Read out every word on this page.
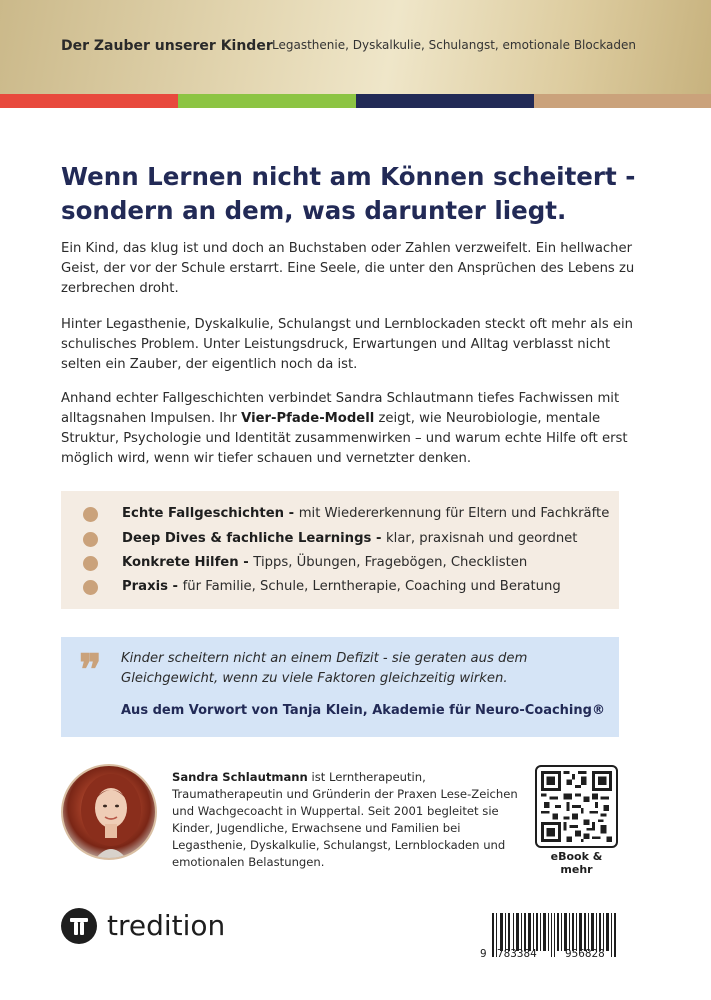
Der Zauber unserer Kinder Legasthenie, Dyskalkulie, Schulangst, emotionale Blockaden
Wenn Lernen nicht am Können scheitert -
sondern an dem, was darunter liegt.

Ein Kind, das klug ist und doch an Buchstaben oder Zahlen verzweifelt. Ein hellwacher Geist, der vor der Schule erstarrt. Eine Seele, die unter den Ansprüchen des Lebens zu zerbrechen droht.

Hinter Legasthenie, Dyskalkulie, Schulangst und Lernblockaden steckt oft mehr als ein schulisches Problem. Unter Leistungsdruck, Erwartungen und Alltag verblasst nicht selten ein Zauber, der eigentlich noch da ist.

Anhand echter Fallgeschichten verbindet Sandra Schlautmann tiefes Fachwissen mit alltagsnahen Impulsen. Ihr Vier-Pfade-Modell zeigt, wie Neurobiologie, mentale Struktur, Psychologie und Identität zusammenwirken – und warum echte Hilfe oft erst möglich wird, wenn wir tiefer schauen und vernetzter denken.

Echte Fallgeschichten - mit Wiedererkennung für Eltern und Fachkräfte
Deep Dives & fachliche Learnings - klar, praxisnah und geordnet
Konkrete Hilfen - Tipps, Übungen, Fragebögen, Checklisten
Praxis - für Familie, Schule, Lerntherapie, Coaching und Beratung
❞ Kinder scheitern nicht an einem Defizit - sie geraten aus dem Gleichgewicht, wenn zu viele Faktoren gleichzeitig wirken.
Aus dem Vorwort von Tanja Klein, Akademie für Neuro-Coaching®

Sandra Schlautmann ist Lerntherapeutin, Traumatherapeutin und Gründerin der Praxen Lese-Zeichen und Wachgecoacht in Wuppertal. Seit 2001 begleitet sie Kinder, Jugendliche, Erwachsene und Familien bei Legasthenie, Dyskalkulie, Schulangst, Lernblockaden und emotionalen Belastungen.	eBook & mehr
tredition
9 783384	956828
